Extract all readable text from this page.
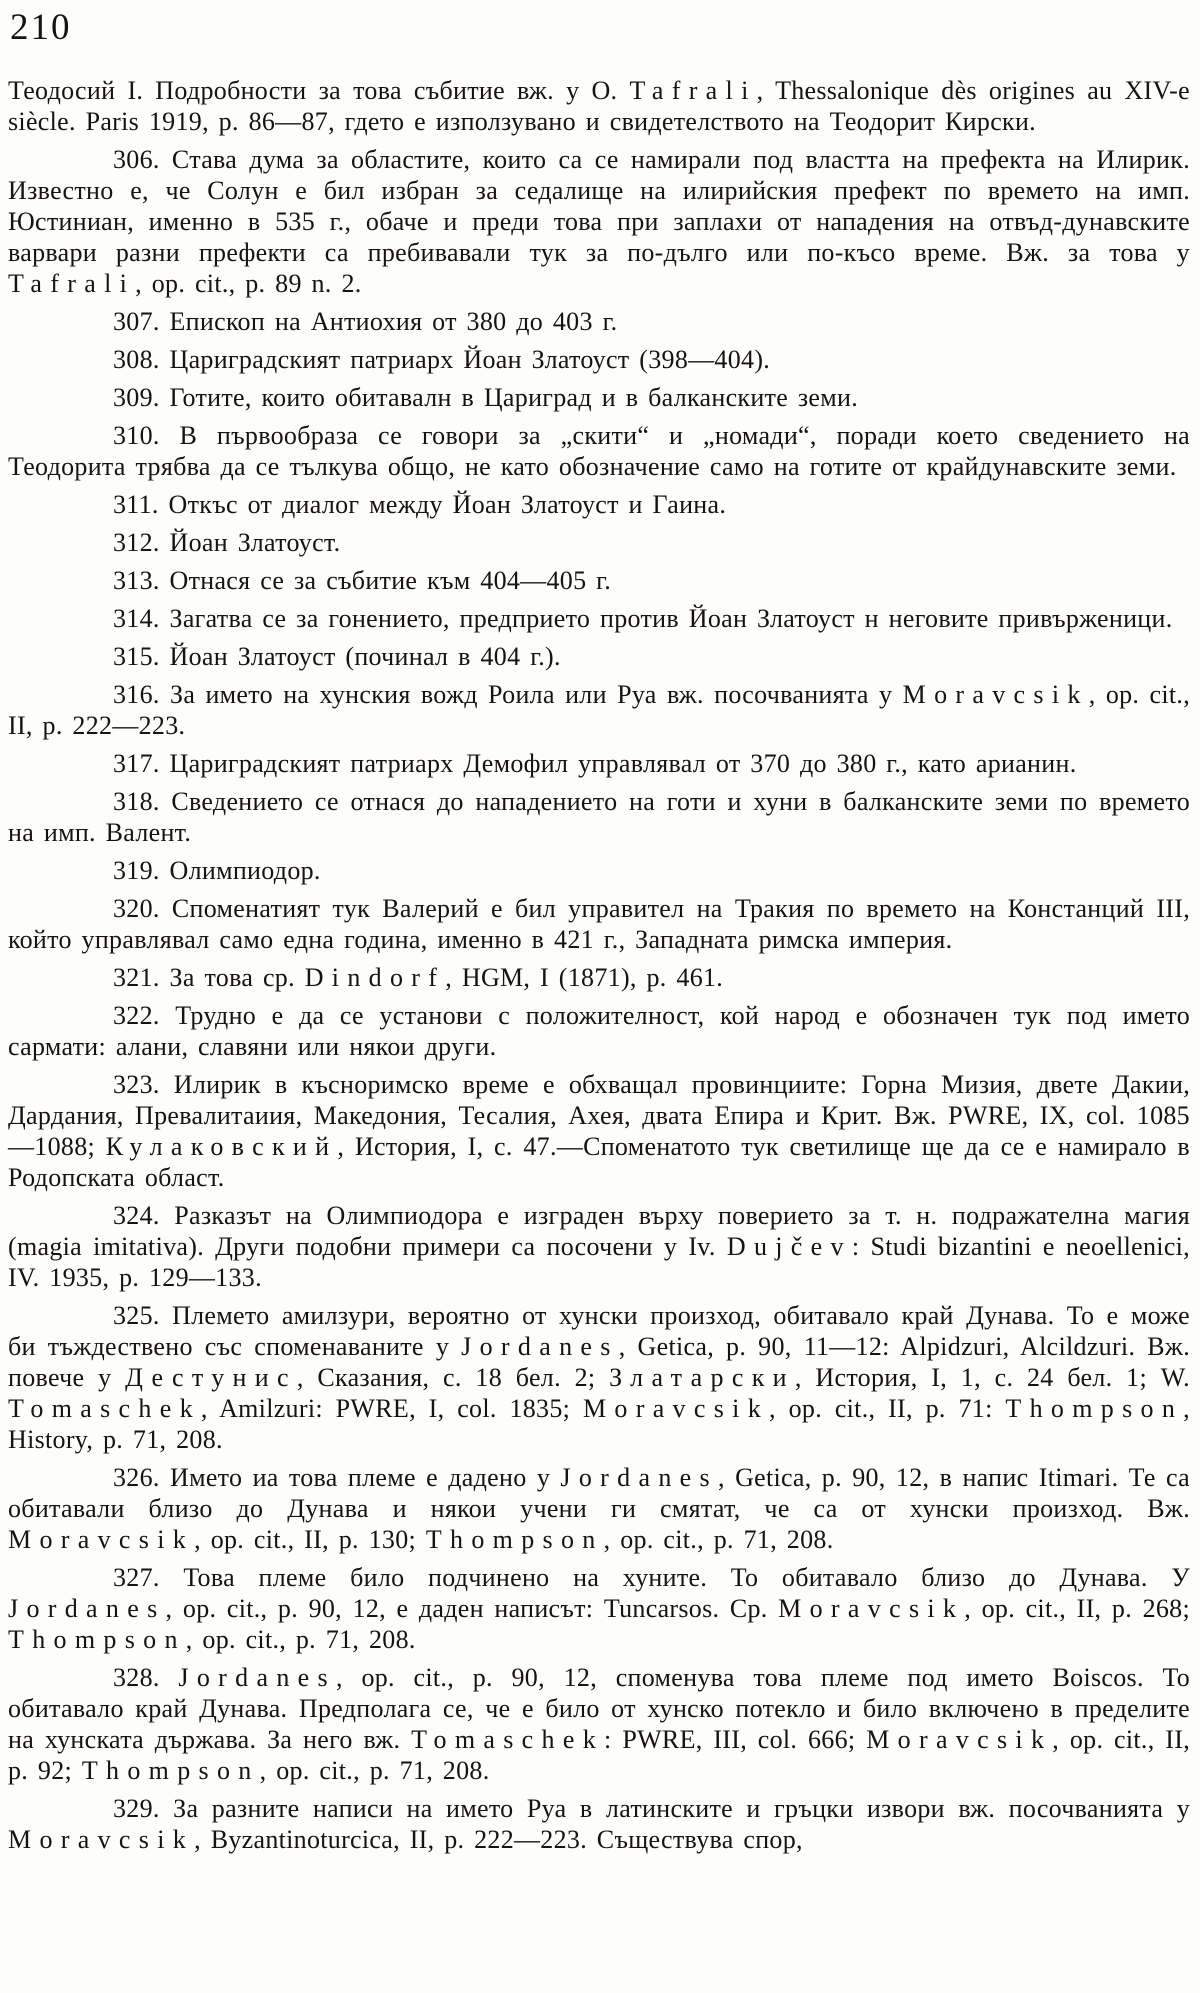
210

Теодосий I. Подробности за това събитие вж. у О. Tafrali, Thessalonique dès origines au XIV-e siècle. Paris 1919, p. 86—87, гдето е използувано и свидетелството на Теодорит Кирски.

306. Става дума за областите, които са се намирали под властта на префекта на Илирик. Известно е, че Солун е бил избран за седалище на илирийския префект по времето на имп. Юстиниан, именно в 535 г., обаче и преди това при заплахи от нападения на отвъд-дунавските варвари разни префекти са пребивавали тук за по-дълго или по-късо време. Вж. за това у Tafrali, op. cit., p. 89 n. 2.

307. Епископ на Антиохия от 380 до 403 г.

308. Цариградският патриарх Йоан Златоуст (398—404).

309. Готите, които обитавалн в Цариград и в балканските земи.

310. В първообраза се говори за „скити“ и „номади“, поради което сведението на Теодорита трябва да се тълкува общо, не като обозначение само на готите от крайдунавските земи.

311. Откъс от диалог между Йоан Златоуст и Гаина.

312. Йоан Златоуст.

313. Отнася се за събитие към 404—405 г.

314. Загатва се за гонението, предприето против Йоан Златоуст н неговите привърженици.

315. Йоан Златоуст (починал в 404 г.).

316. За името на хунския вожд Роила или Руа вж. посочванията у Moravcsik, op. cit., II, p. 222—223.

317. Цариградският патриарх Демофил управлявал от 370 до 380 г., като арианин.

318. Сведението се отнася до нападението на готи и хуни в балканските земи по времето на имп. Валент.

319. Олимпиодор.

320. Споменатият тук Валерий е бил управител на Тракия по времето на Констанций III, който управлявал само една година, именно в 421 г., Западната римска империя.

321. За това ср. Dindorf, HGM, I (1871), p. 461.

322. Трудно е да се установи с положителност, кой народ е обозначен тук под името сармати: алани, славяни или някои други.

323. Илирик в късноримско време е обхващал провинциите: Горна Мизия, двете Дакии, Дардания, Превалитаиия, Македония, Тесалия, Ахея, двата Епира и Крит. Вж. PWRE, IX, col. 1085—1088; Кулаковский, История, I, с. 47.—Споменатото тук светилище ще да се е намирало в Родопската област.

324. Разказът на Олимпиодора е изграден върху поверието за т. н. подражателна магия (magia imitativa). Други подобни примери са посочени у Iv. Dujčev: Studi bizantini e neoellenici, IV. 1935, p. 129—133.

325. Племето амилзури, вероятно от хунски произход, обитавало край Дунава. То е може би тъждествено със споменаваните у Jordanes, Getica, p. 90, 11—12: Alpidzuri, Alcildzuri. Вж. повече у Дестунис, Сказания, с. 18 бел. 2; Златарски, История, I, 1, с. 24 бел. 1; W. Tomaschek, Amilzuri: PWRE, I, col. 1835; Moravcsik, op. cit., II, p. 71: Thompson, History, p. 71, 208.

326. Името иа това племе е дадено у Jordanes, Getica, p. 90, 12, в напис Itimari. Те са обитавали близо до Дунава и някои учени ги смятат, че са от хунски произход. Вж. Moravcsik, op. cit., II, p. 130; Thompson, op. cit., p. 71, 208.

327. Това племе било подчинено на хуните. То обитавало близо до Дунава. У Jordanes, op. cit., p. 90, 12, е даден написът: Tuncarsos. Ср. Moravcsik, op. cit., II, p. 268; Thompson, op. cit., p. 71, 208.

328. Jordanes, op. cit., p. 90, 12, споменува това племе под името Boiscos. То обитавало край Дунава. Предполага се, че е било от хунско потекло и било включено в пределите на хунската държава. За него вж. Tomaschek: PWRE, III, col. 666; Moravcsik, op. cit., II, p. 92; Thompson, op. cit., p. 71, 208.

329. За разните написи на името Руа в латинските и гръцки извори вж. посочванията у Moravcsik, Byzantinoturcica, II, p. 222—223. Съществува спор,
